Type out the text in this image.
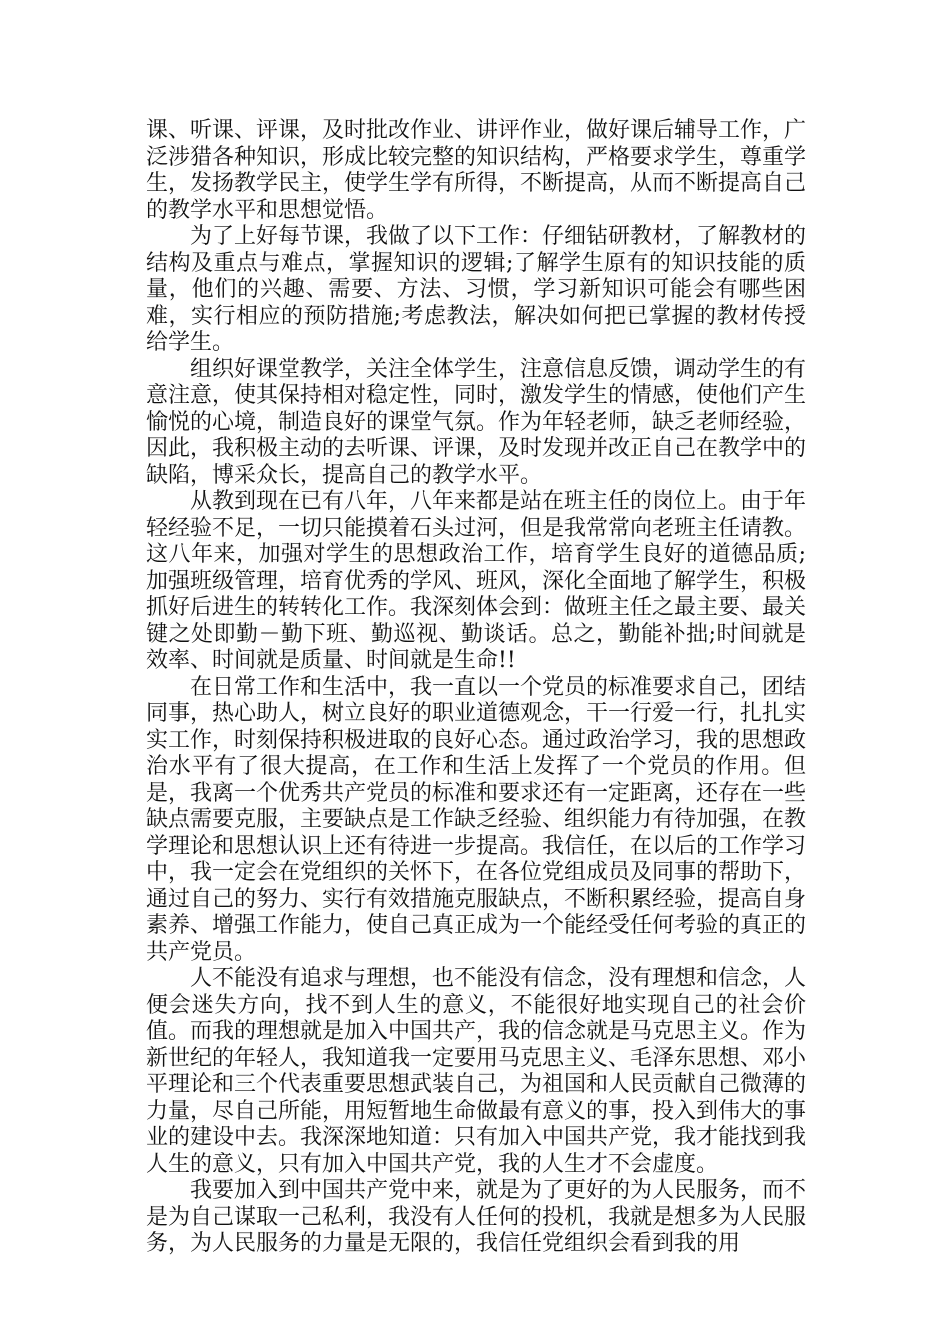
课、听课、评课，及时批改作业、讲评作业，做好课后辅导工作，广泛涉猎各种知识，形成比较完整的知识结构，严格要求学生，尊重学生，发扬教学民主，使学生学有所得，不断提高，从而不断提高自己的教学水平和思想觉悟。

为了上好每节课，我做了以下工作：仔细钻研教材，了解教材的结构及重点与难点，掌握知识的逻辑;了解学生原有的知识技能的质量，他们的兴趣、需要、方法、习惯，学习新知识可能会有哪些困难，实行相应的预防措施;考虑教法，解决如何把已掌握的教材传授给学生。

组织好课堂教学，关注全体学生，注意信息反馈，调动学生的有意注意，使其保持相对稳定性，同时，激发学生的情感，使他们产生愉悦的心境，制造良好的课堂气氛。作为年轻老师，缺乏老师经验，因此，我积极主动的去听课、评课，及时发现并改正自己在教学中的缺陷，博采众长，提高自己的教学水平。

从教到现在已有八年，八年来都是站在班主任的岗位上。由于年轻经验不足，一切只能摸着石头过河，但是我常常向老班主任请教。这八年来，加强对学生的思想政治工作，培育学生良好的道德品质;加强班级管理，培育优秀的学风、班风，深化全面地了解学生，积极抓好后进生的转转化工作。我深刻体会到：做班主任之最主要、最关键之处即勤－勤下班、勤巡视、勤谈话。总之，勤能补拙;时间就是效率、时间就是质量、时间就是生命!!

在日常工作和生活中，我一直以一个党员的标准要求自己，团结同事，热心助人，树立良好的职业道德观念，干一行爱一行，扎扎实实工作，时刻保持积极进取的良好心态。通过政治学习，我的思想政治水平有了很大提高，在工作和生活上发挥了一个党员的作用。但是，我离一个优秀共产党员的标准和要求还有一定距离，还存在一些缺点需要克服，主要缺点是工作缺乏经验、组织能力有待加强，在教学理论和思想认识上还有待进一步提高。我信任，在以后的工作学习中，我一定会在党组织的关怀下，在各位党组成员及同事的帮助下，通过自己的努力、实行有效措施克服缺点，不断积累经验，提高自身素养、增强工作能力，使自己真正成为一个能经受任何考验的真正的共产党员。

人不能没有追求与理想，也不能没有信念，没有理想和信念，人便会迷失方向，找不到人生的意义，不能很好地实现自己的社会价值。而我的理想就是加入中国共产，我的信念就是马克思主义。作为新世纪的年轻人，我知道我一定要用马克思主义、毛泽东思想、邓小平理论和三个代表重要思想武装自己，为祖国和人民贡献自己微薄的力量，尽自己所能，用短暂地生命做最有意义的事，投入到伟大的事业的建设中去。我深深地知道：只有加入中国共产党，我才能找到我人生的意义，只有加入中国共产党，我的人生才不会虚度。

我要加入到中国共产党中来，就是为了更好的为人民服务，而不是为自己谋取一己私利，我没有人任何的投机，我就是想多为人民服务，为人民服务的力量是无限的，我信任党组织会看到我的用
